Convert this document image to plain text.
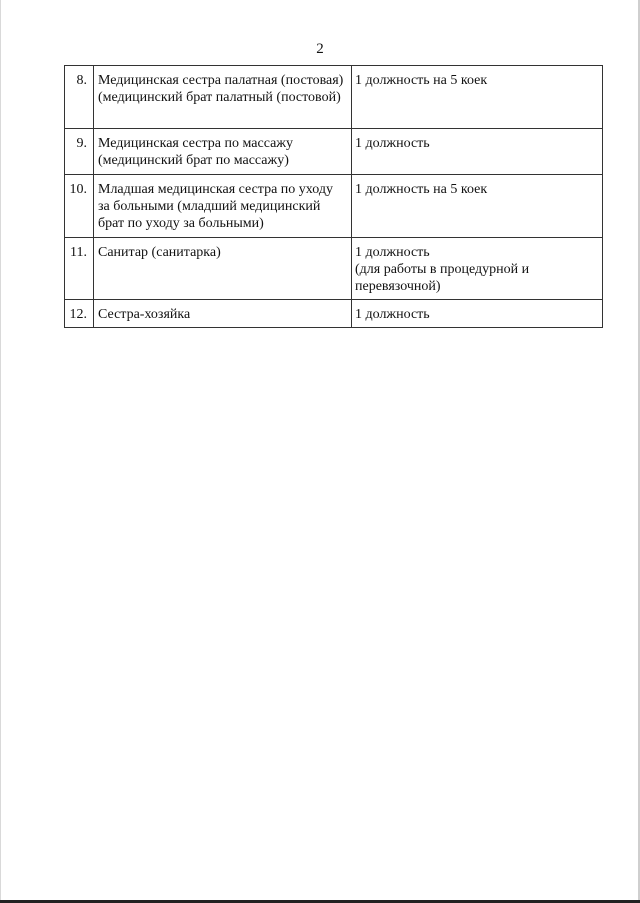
2
8.	Медицинская сестра палатная (постовая) (медицинский брат палатный (постовой)	1 должность на 5 коек
9.	Медицинская сестра по массажу (медицинский брат по массажу)	1 должность
10.	Младшая медицинская сестра по уходу за больными (младший медицинский брат по уходу за больными)	1 должность на 5 коек
11.	Санитар (санитарка)	1 должность
(для работы в процедурной и перевязочной)

12.	Сестра-хозяйка	1 должность
